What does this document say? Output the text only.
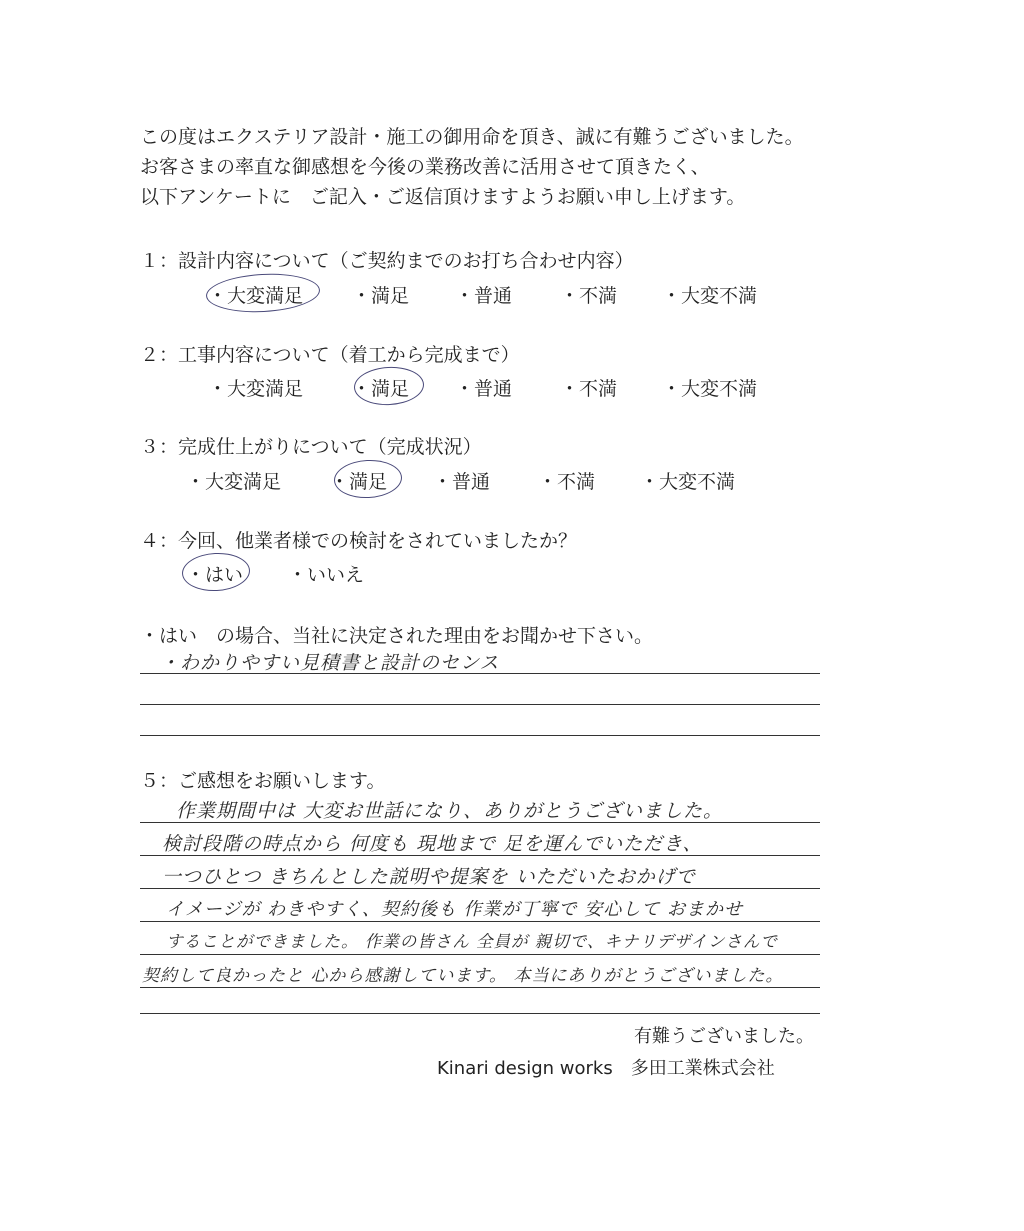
この度はエクステリア設計・施工の御用命を頂き、誠に有難うございました。
お客さまの率直な御感想を今後の業務改善に活用させて頂きたく、
以下アンケートに　ご記入・ご返信頂けますようお願い申し上げます。
１：設計内容について（ご契約までのお打ち合わせ内容）
・大変満足	・満足 ・普通	・不満 ・大変不満
２：工事内容について（着工から完成まで）
・大変満足	・満足 ・普通	・不満 ・大変不満
３：完成仕上がりについて（完成状況）
・大変満足	・満足 ・普通	・不満 ・大変不満
４：今回、他業者様での検討をされていましたか？
・はい ・いいえ
・はい　の場合、当社に決定された理由をお聞かせ下さい。
・わかりやすい見積書と設計のセンス
５：ご感想をお願いします。
作業期間中は 大変お世話になり、ありがとうございました。
検討段階の時点から 何度も 現地まで 足を運んでいただき、
一つひとつ きちんとした説明や提案を いただいたおかげで
イメージが わきやすく、契約後も 作業が丁寧で 安心して おまかせ
することができました。 作業の皆さん 全員が 親切で、キナリデザインさんで
契約して良かったと 心から感謝しています。 本当にありがとうございました。
有難うございました。
Kinari design works　多田工業株式会社
